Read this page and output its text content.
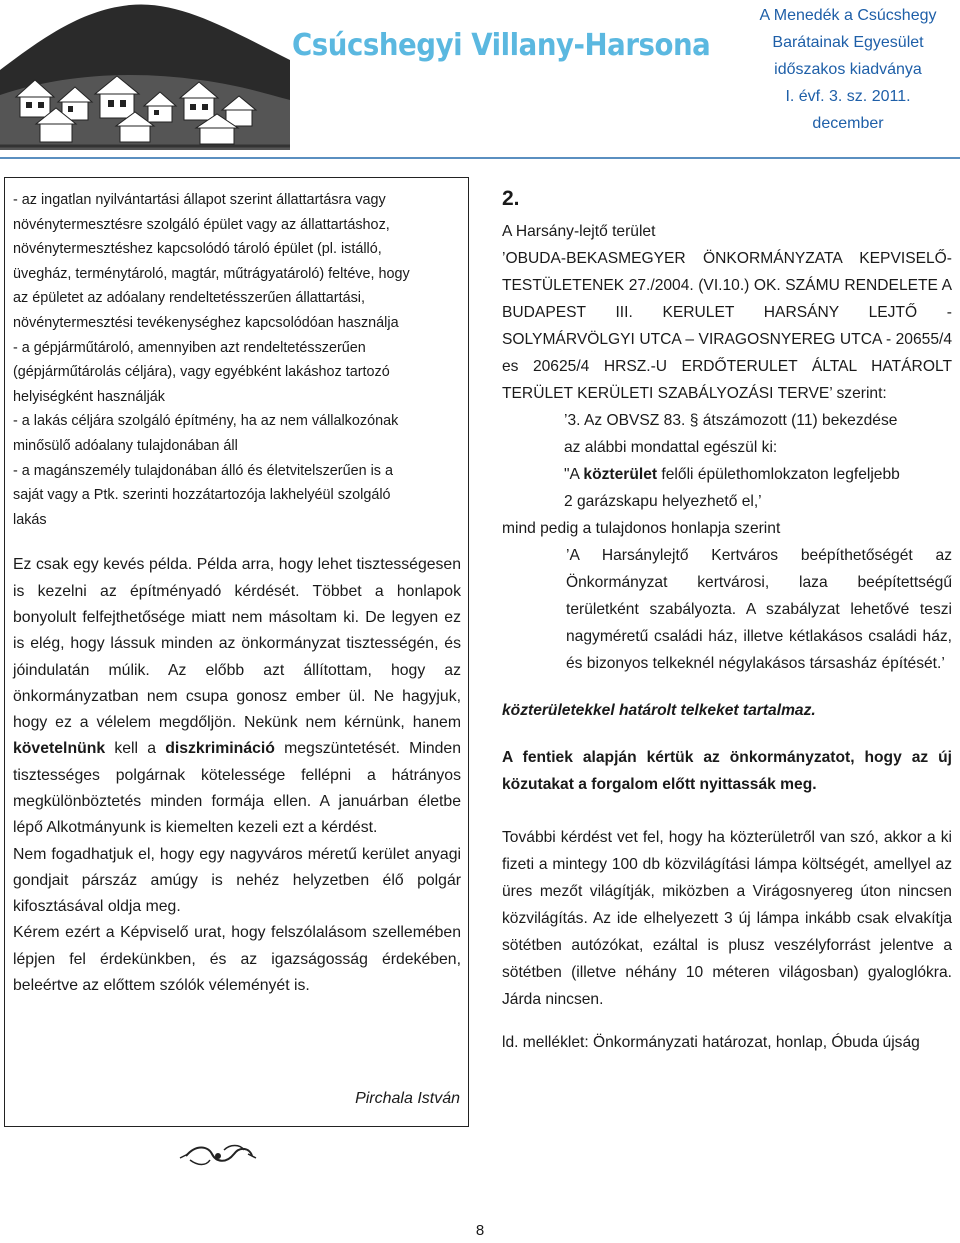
Csúcshegyi Villany-Harsona
A Menedék a Csúcshegy
Barátainak Egyesület
időszakos kiadványa
I. évf. 3. sz. 2011.
december

- az ingatlan nyilvántartási állapot szerint állattartásra vagy

növénytermesztésre szolgáló épület vagy az állattartáshoz,

növénytermesztéshez kapcsolódó tároló épület (pl. istálló,

üvegház, terménytároló, magtár, műtrágyatároló) feltéve, hogy

az épületet az adóalany rendeltetésszerűen állattartási,

növénytermesztési tevékenységhez kapcsolódóan használja

- a gépjárműtároló, amennyiben azt rendeltetésszerűen

(gépjárműtárolás céljára), vagy egyébként lakáshoz tartozó

helyiségként használják

- a lakás céljára szolgáló építmény, ha az nem vállalkozónak

minősülő adóalany tulajdonában áll

- a magánszemély tulajdonában álló és életvitelszerűen is a

saját vagy a Ptk. szerinti hozzátartozója lakhelyéül szolgáló

lakás

Ez csak egy kevés példa. Példa arra, hogy lehet tisztességesen is kezelni az építményadó kérdését. Többet a honlapok bonyolult felfejthetősége miatt nem másoltam ki. De legyen ez is elég, hogy lássuk minden az önkormányzat tisztességén, és jóindulatán múlik. Az előbb azt állítottam, hogy az önkormányzatban nem csupa gonosz ember ül. Ne hagyjuk, hogy ez a vélelem megdőljön. Nekünk nem kérnünk, hanem követelnünk kell a diszkrimináció megszüntetését. Minden tisztességes polgárnak kötelessége fellépni a hátrányos megkülönböztetés minden formája ellen. A januárban életbe lépő Alkotmányunk is kiemelten kezeli ezt a kérdést.

Nem fogadhatjuk el, hogy egy nagyváros méretű kerület anyagi gondjait párszáz amúgy is nehéz helyzetben élő polgár kifosztásával oldja meg.

Kérem ezért a Képviselő urat, hogy felszólalásom szellemében lépjen fel érdekünkben, és az igazságosság érdekében, beleértve az előttem szólók véleményét is.

Pirchala István

2.

A Harsány-lejtő terület

’OBUDA-BEKASMEGYER ÖNKORMÁNYZATA KEPVISELŐ-TESTÜLETENEK 27./2004. (VI.10.) OK. SZÁMU RENDELETE A BUDAPEST III. KERULET HARSÁNY LEJTŐ - SOLYMÁRVÖLGYI UTCA – VIRAGOSNYEREG UTCA - 20655/4 es 20625/4 HRSZ.-U ERDŐTERULET ÁLTAL HATÁROLT TERÜLET KERÜLETI SZABÁLYOZÁSI TERVE’ szerint:

’3. Az OBVSZ 83. § átszámozott (11) bekezdése

az alábbi mondattal egészül ki:

"A közterület felőli épülethomlokzaton legfeljebb

2 garázskapu helyezhető el,’

mind pedig a tulajdonos honlapja szerint

’A Harsánylejtő Kertváros beépíthetőségét az Önkormányzat kertvárosi, laza beépítettségű területként szabályozta. A szabályzat lehetővé teszi nagyméretű családi ház, illetve kétlakásos családi ház, és bizonyos telkeknél négylakásos társasház építését.’

közterületekkel határolt telkeket tartalmaz.

A fentiek alapján kértük az önkormányzatot, hogy az új közutakat a forgalom előtt nyittassák meg.

További kérdést vet fel, hogy ha közterületről van szó, akkor a ki fizeti a mintegy 100 db közvilágítási lámpa költségét, amellyel az üres mezőt világítják, miközben a Virágosnyereg úton nincsen közvilágítás. Az ide elhelyezett 3 új lámpa inkább csak elvakítja sötétben autózókat, ezáltal is plusz veszélyforrást jelentve a sötétben (illetve néhány 10 méteren világosban) gyaloglókra. Járda nincsen.

ld. melléklet: Önkormányzati határozat, honlap, Óbuda újság

8
